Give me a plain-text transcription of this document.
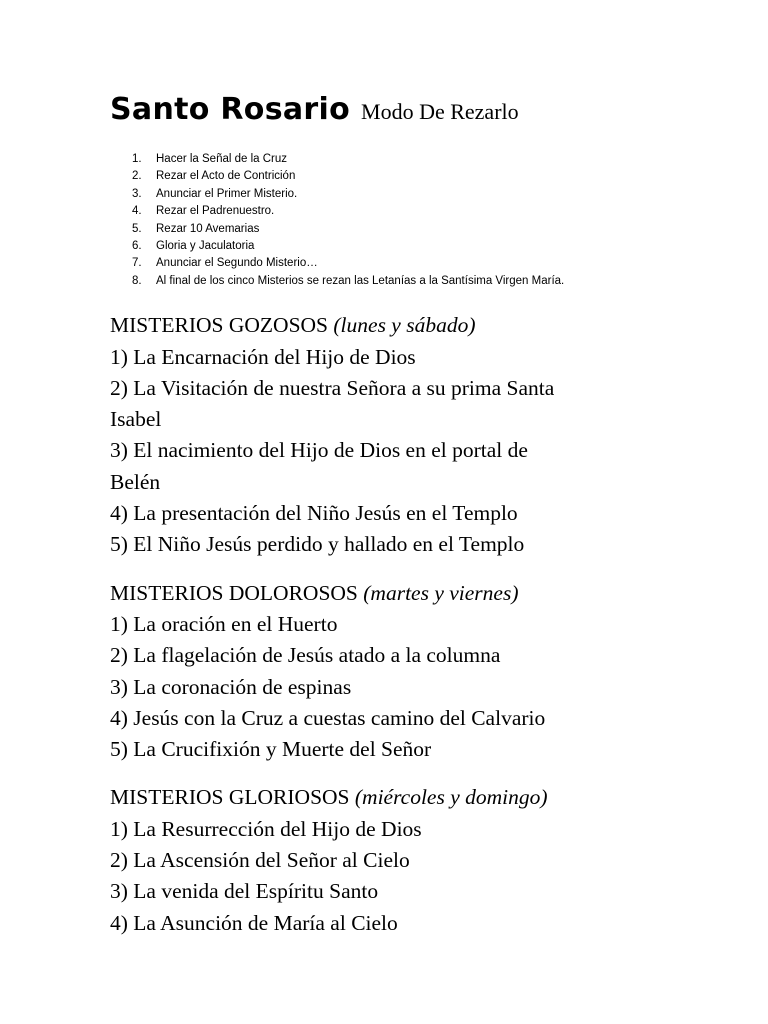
Santo Rosario Modo De Rezarlo
1.	Hacer la Señal de la Cruz
2.	Rezar el Acto de Contrición
3.	Anunciar el Primer Misterio.
4.	Rezar el Padrenuestro.
5.	Rezar 10 Avemarias
6.	Gloria y Jaculatoria
7.	Anunciar el Segundo Misterio…
8.	Al final de los cinco Misterios se rezan las Letanías a la Santísima Virgen María.
MISTERIOS GOZOSOS (lunes y sábado)
1) La Encarnación del Hijo de Dios
2) La Visitación de nuestra Señora a su prima Santa
Isabel
3) El nacimiento del Hijo de Dios en el portal de
Belén
4) La presentación del Niño Jesús en el Templo
5) El Niño Jesús perdido y hallado en el Templo
MISTERIOS DOLOROSOS (martes y viernes)
1) La oración en el Huerto
2) La flagelación de Jesús atado a la columna
3) La coronación de espinas
4) Jesús con la Cruz a cuestas camino del Calvario
5) La Crucifixión y Muerte del Señor
MISTERIOS GLORIOSOS (miércoles y domingo)
1) La Resurrección del Hijo de Dios
2) La Ascensión del Señor al Cielo
3) La venida del Espíritu Santo
4) La Asunción de María al Cielo
